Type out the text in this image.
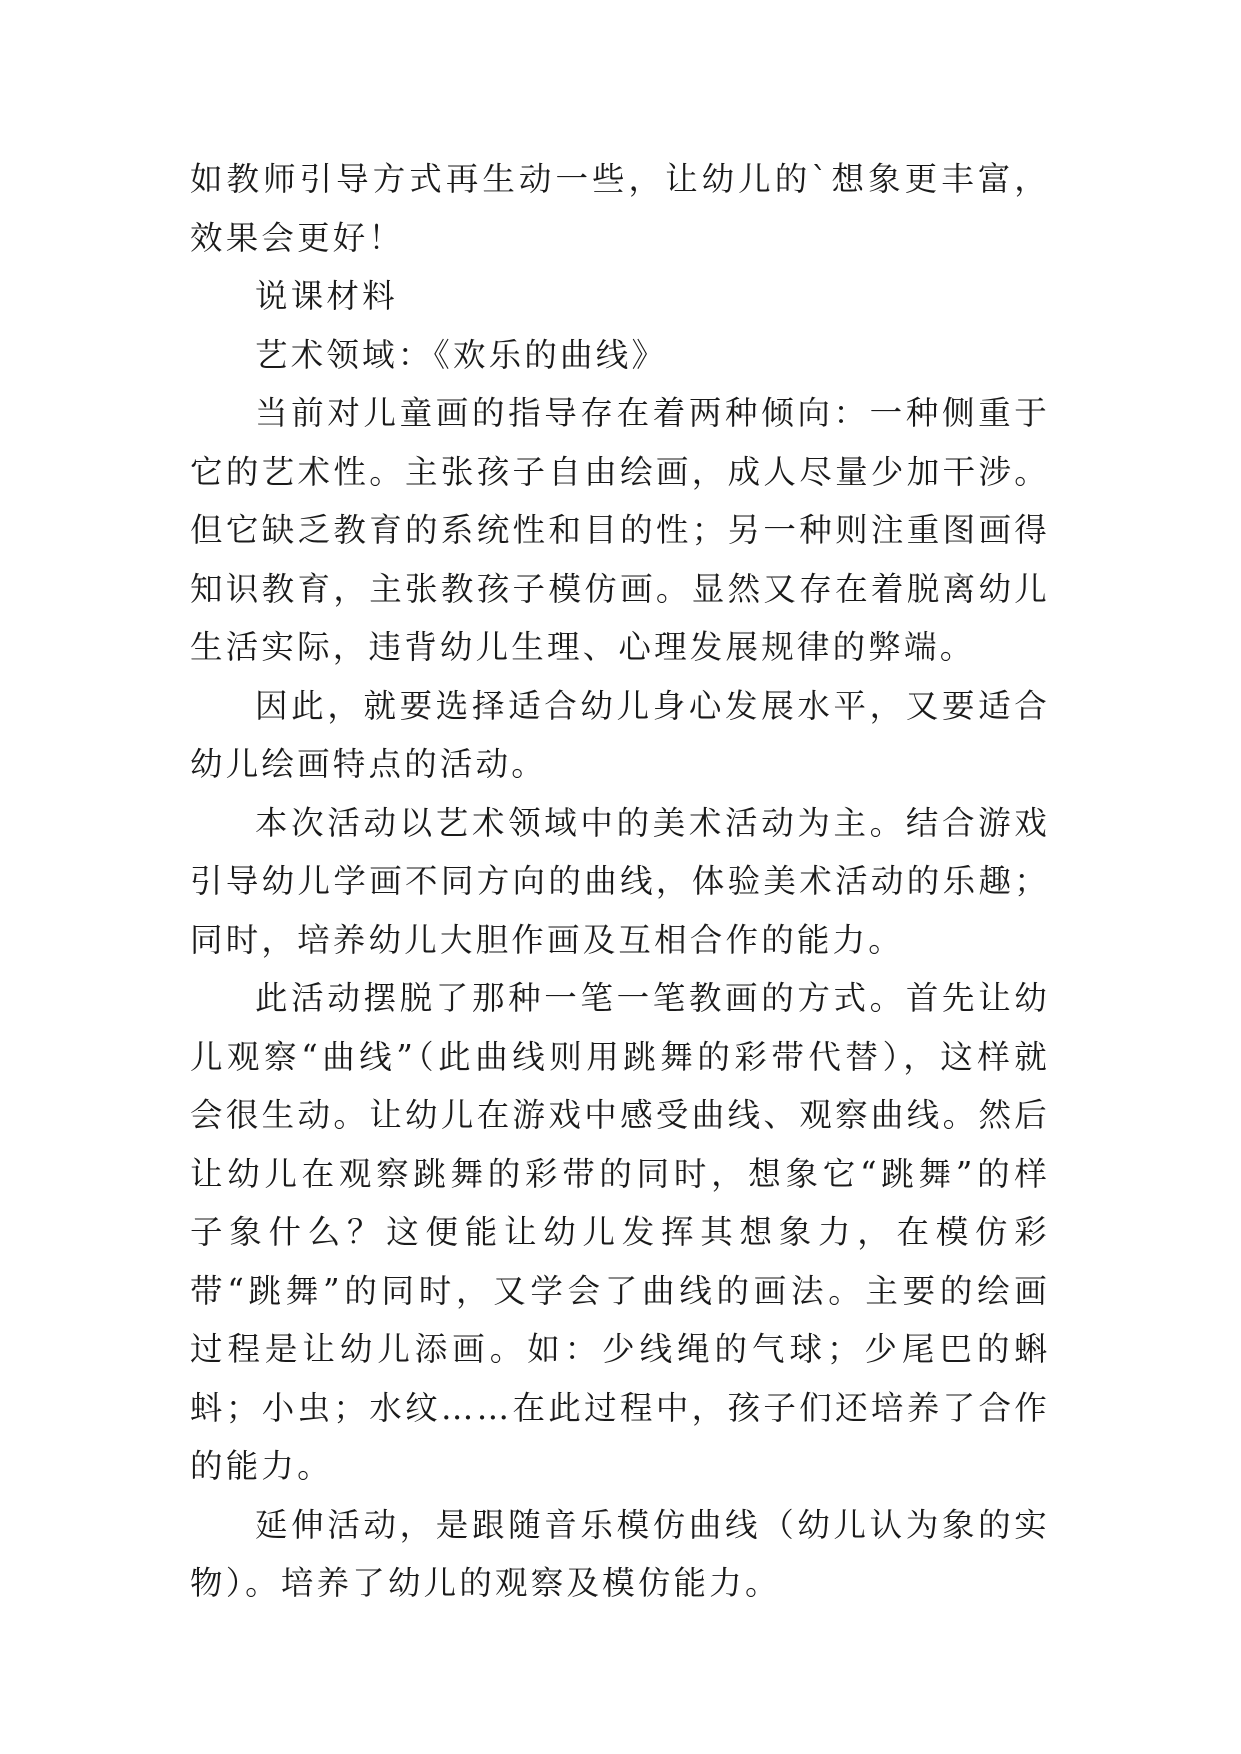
如教师引导方式再生动一些，让幼儿的`想象更丰富，效果会更好！

说课材料

艺术领域：《欢乐的曲线》

当前对儿童画的指导存在着两种倾向：一种侧重于它的艺术性。主张孩子自由绘画，成人尽量少加干涉。但它缺乏教育的系统性和目的性；另一种则注重图画得知识教育，主张教孩子模仿画。显然又存在着脱离幼儿生活实际，违背幼儿生理、心理发展规律的弊端。

因此，就要选择适合幼儿身心发展水平，又要适合幼儿绘画特点的活动。

本次活动以艺术领域中的美术活动为主。结合游戏引导幼儿学画不同方向的曲线，体验美术活动的乐趣；同时，培养幼儿大胆作画及互相合作的能力。

此活动摆脱了那种一笔一笔教画的方式。首先让幼儿观察“曲线”（此曲线则用跳舞的彩带代替），这样就会很生动。让幼儿在游戏中感受曲线、观察曲线。然后让幼儿在观察跳舞的彩带的同时，想象它“跳舞”的样子象什么？这便能让幼儿发挥其想象力，在模仿彩带“跳舞”的同时，又学会了曲线的画法。主要的绘画过程是让幼儿添画。如：少线绳的气球；少尾巴的蝌蚪；小虫；水纹……在此过程中，孩子们还培养了合作的能力。

延伸活动，是跟随音乐模仿曲线（幼儿认为象的实物）。培养了幼儿的观察及模仿能力。
